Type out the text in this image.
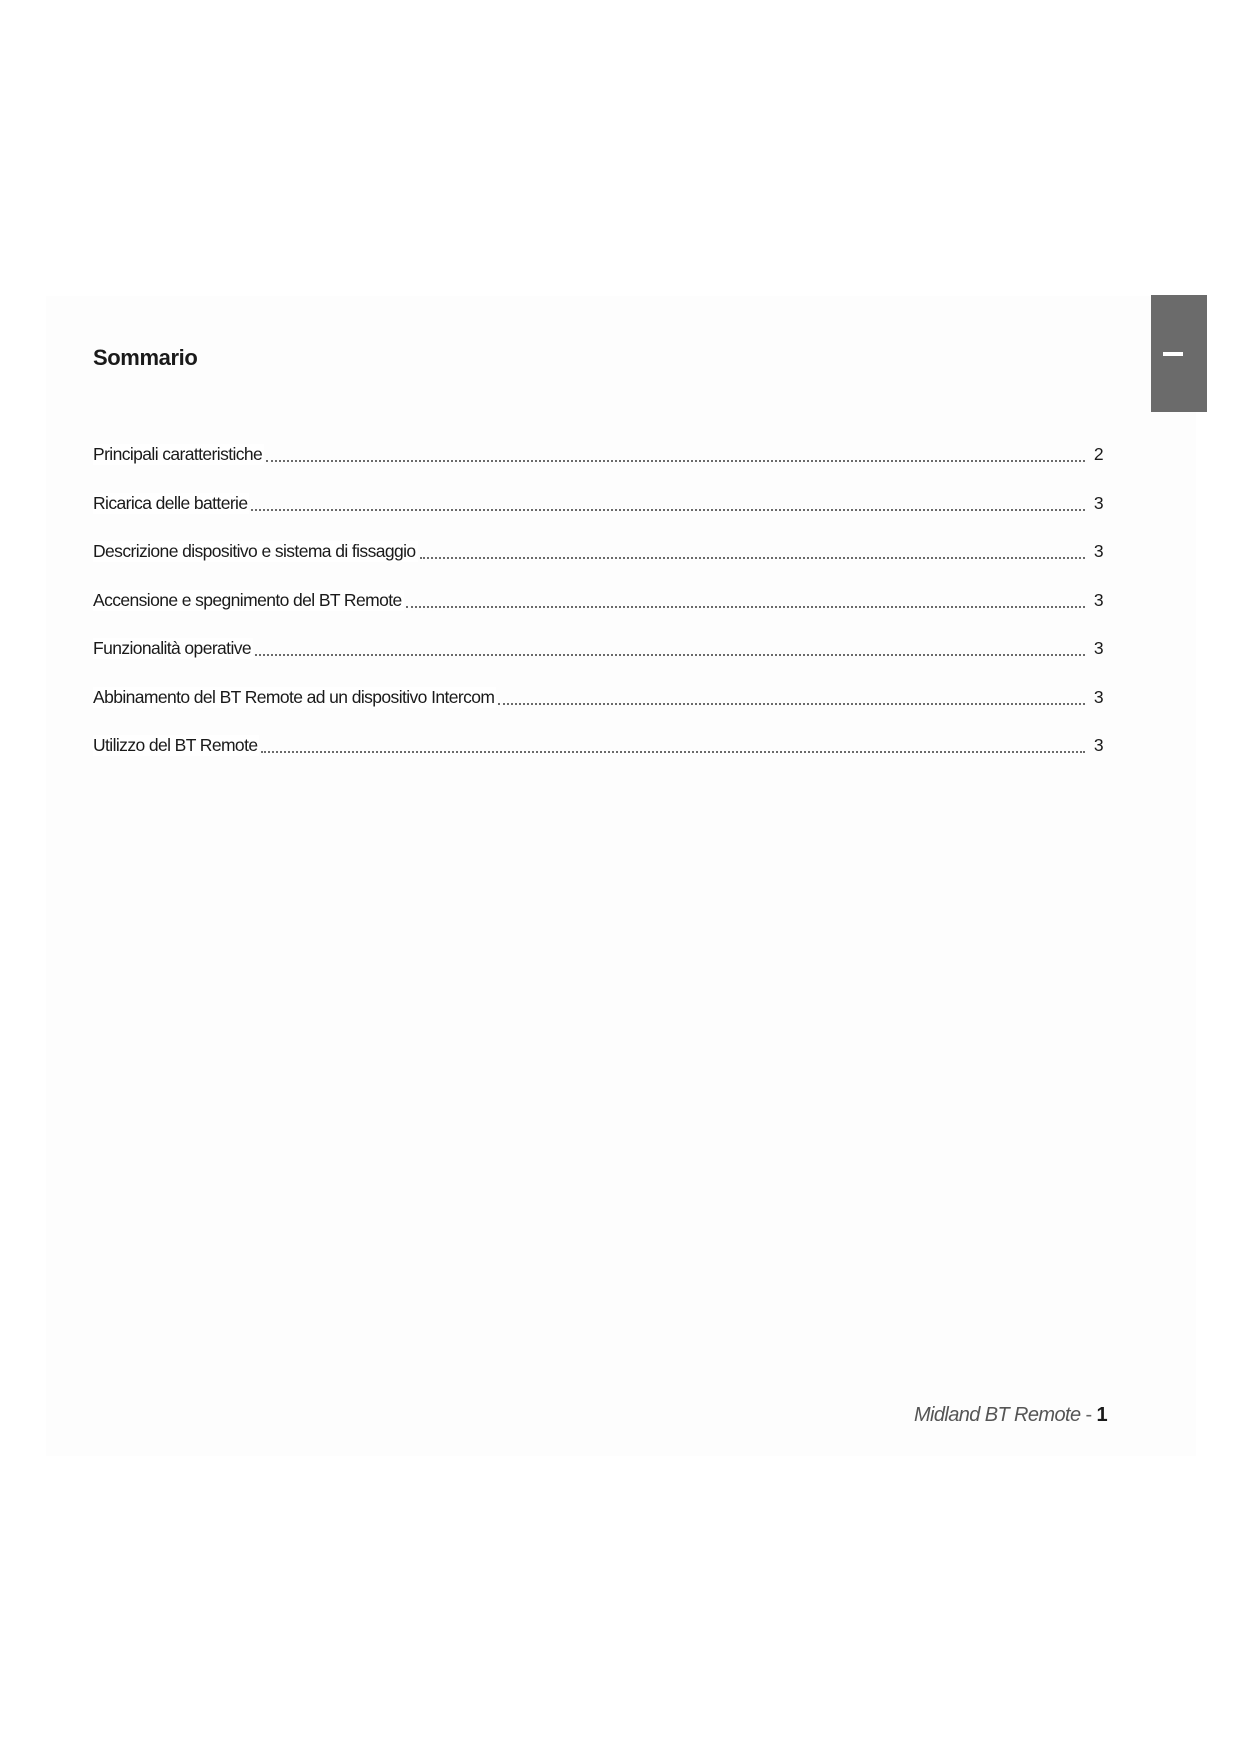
Sommario
Principali caratteristiche	2
Ricarica delle batterie	3
Descrizione dispositivo e sistema di fissaggio	3
Accensione e spegnimento del BT Remote	3
Funzionalità operative	3
Abbinamento del BT Remote ad un dispositivo Intercom	3
Utilizzo del BT Remote	3
Midland BT Remote - 1
